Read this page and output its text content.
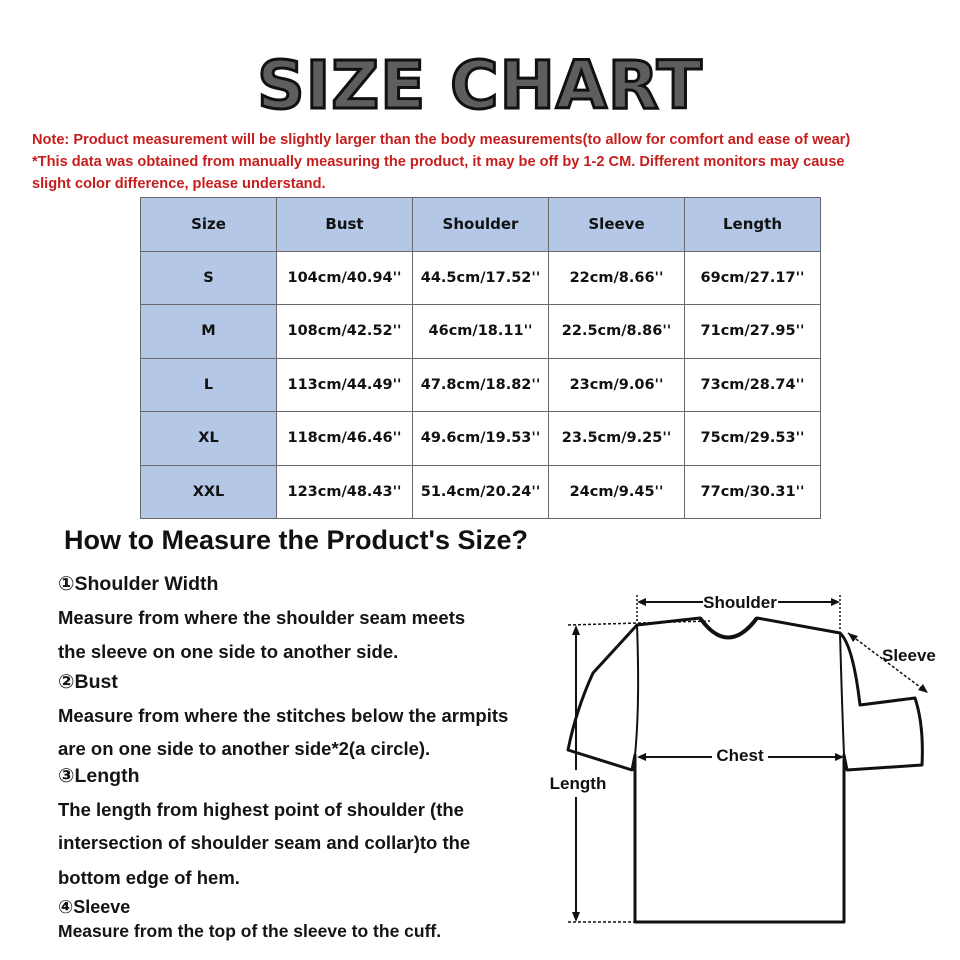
SIZE CHART
Note: Product measurement will be slightly larger than the body measurements(to allow for comfort and ease of wear)
*This data was obtained from manually measuring the product, it may be off by 1-2 CM. Different monitors may cause
slight color difference, please understand.
Size	Bust	Shoulder	Sleeve	Length
S	104cm/40.94''	44.5cm/17.52''	22cm/8.66''	69cm/27.17''
M	108cm/42.52''	46cm/18.11''	22.5cm/8.86''	71cm/27.95''
L	113cm/44.49''	47.8cm/18.82''	23cm/9.06''	73cm/28.74''
XL	118cm/46.46''	49.6cm/19.53''	23.5cm/9.25''	75cm/29.53''
XXL	123cm/48.43''	51.4cm/20.24''	24cm/9.45''	77cm/30.31''
How to Measure the Product's Size?
①Shoulder Width
Measure from where the shoulder seam meets
the sleeve on one side to another side.
②Bust
Measure from where the stitches below the armpits
are on one side to another side*2(a circle).
③Length
The length from highest point of shoulder (the
intersection of shoulder seam and collar)to the
bottom edge of hem.
④Sleeve
Measure from the top of the sleeve to the cuff.
Shoulder
Sleeve
Chest
Length
